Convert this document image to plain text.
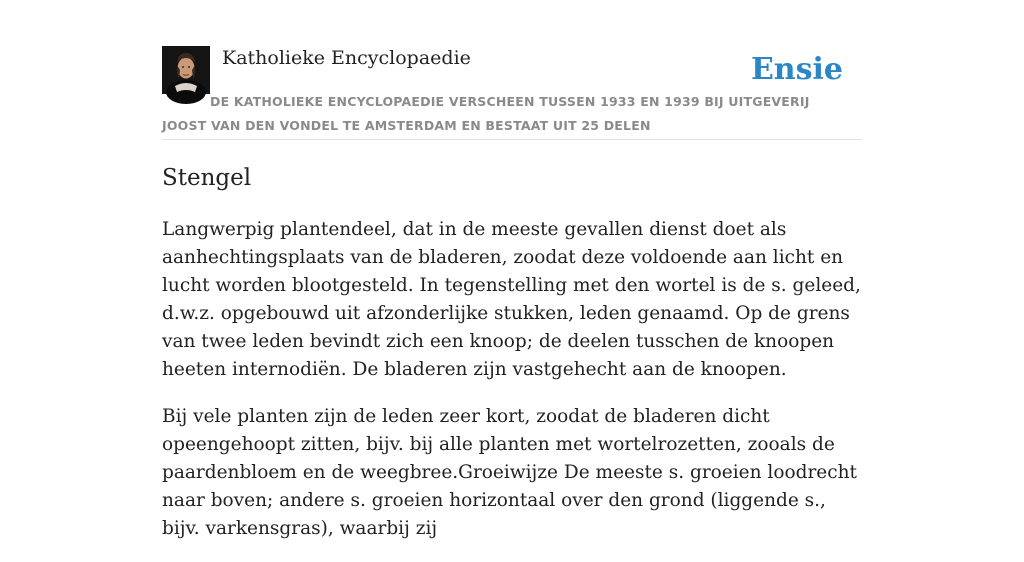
Katholieke Encyclopaedie	Ensie

DE KATHOLIEKE ENCYCLOPAEDIE VERSCHEEN TUSSEN 1933 EN 1939 BIJ UITGEVERIJ JOOST VAN DEN VONDEL TE AMSTERDAM EN BESTAAT UIT 25 DELEN

Stengel

Langwerpig plantendeel, dat in de meeste gevallen dienst doet als aanhechtingsplaats van de bladeren, zoodat deze voldoende aan licht en lucht worden blootgesteld. In tegenstelling met den wortel is de s. geleed, d.w.z. opgebouwd uit afzonderlijke stukken, leden genaamd. Op de grens van twee leden bevindt zich een knoop; de deelen tusschen de knoopen heeten internodiën. De bladeren zijn vastgehecht aan de knoopen.

Bij vele planten zijn de leden zeer kort, zoodat de bladeren dicht opeengehoopt zitten, bijv. bij alle planten met wortelrozetten, zooals de paardenbloem en de weegbree.Groeiwijze De meeste s. groeien loodrecht naar boven; andere s. groeien horizontaal over den grond (liggende s., bijv. varkensgras), waarbij zij
